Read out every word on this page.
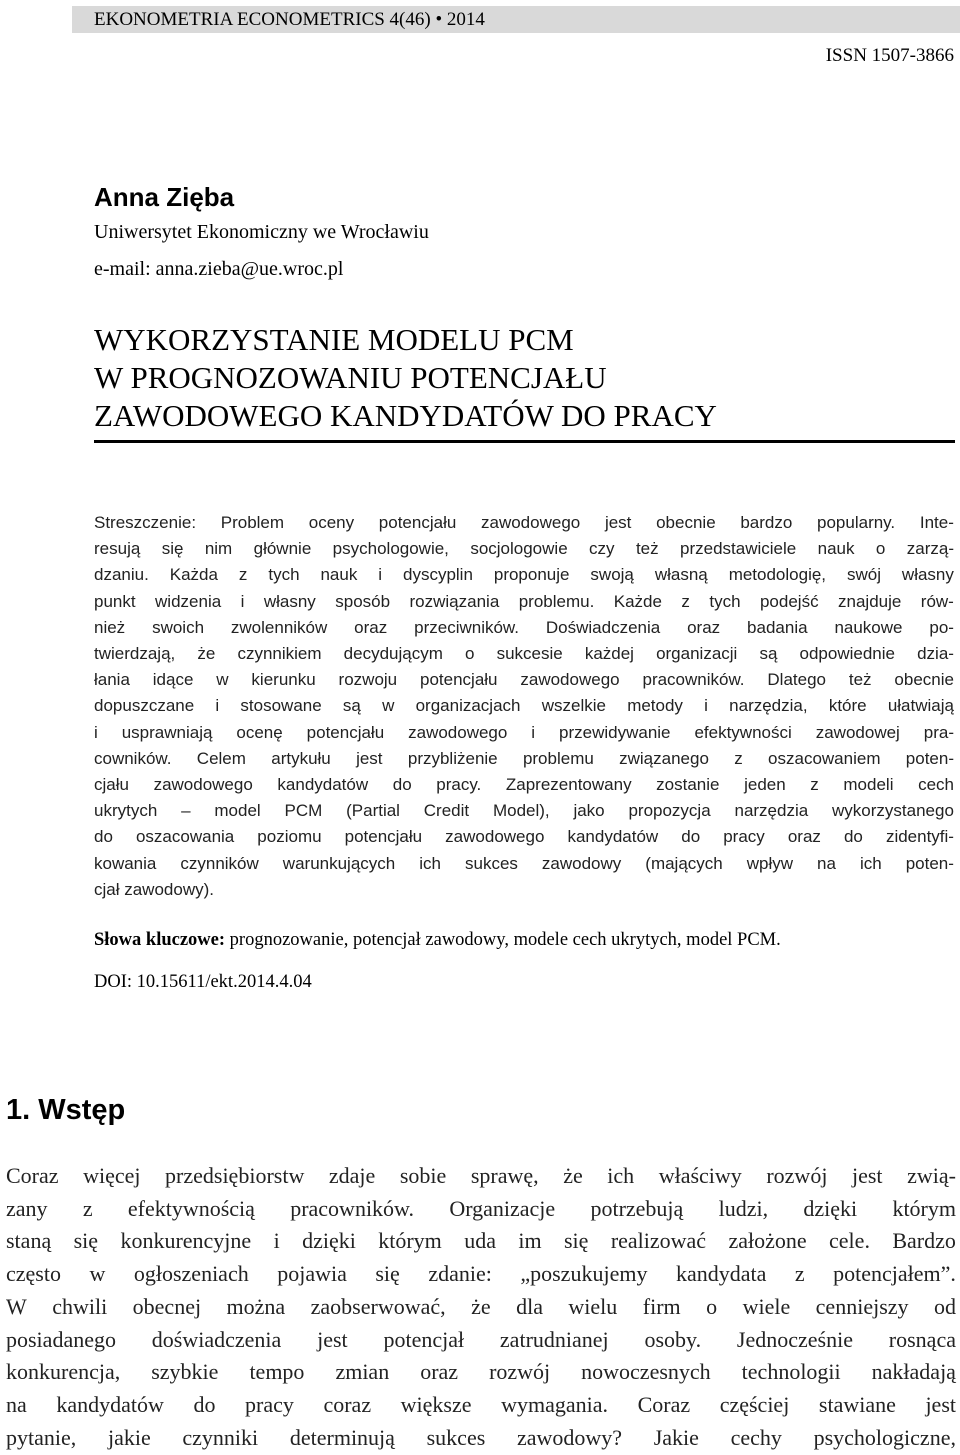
EKONOMETRIA ECONOMETRICS 4(46) • 2014
ISSN 1507-3866
Anna Zięba
Uniwersytet Ekonomiczny we Wrocławiu
e-mail: anna.zieba@ue.wroc.pl
WYKORZYSTANIE MODELU PCM
W PROGNOZOWANIU POTENCJAŁU
ZAWODOWEGO KANDYDATÓW DO PRACY
Streszczenie: Problem oceny potencjału zawodowego jest obecnie bardzo popularny. Inte-
resują się nim głównie psychologowie, socjologowie czy też przedstawiciele nauk o zarzą-
dzaniu. Każda z tych nauk i dyscyplin proponuje swoją własną metodologię, swój własny
punkt widzenia i własny sposób rozwiązania problemu. Każde z tych podejść znajduje rów-
nież swoich zwolenników oraz przeciwników. Doświadczenia oraz badania naukowe po-
twierdzają, że czynnikiem decydującym o sukcesie każdej organizacji są odpowiednie dzia-
łania idące w kierunku rozwoju potencjału zawodowego pracowników. Dlatego też obecnie
dopuszczane i stosowane są w organizacjach wszelkie metody i narzędzia, które ułatwiają
i usprawniają ocenę potencjału zawodowego i przewidywanie efektywności zawodowej pra-
cowników. Celem artykułu jest przybliżenie problemu związanego z oszacowaniem poten-
cjału zawodowego kandydatów do pracy. Zaprezentowany zostanie jeden z modeli cech
ukrytych – model PCM (Partial Credit Model), jako propozycja narzędzia wykorzystanego
do oszacowania poziomu potencjału zawodowego kandydatów do pracy oraz do zidentyfi-
kowania czynników warunkujących ich sukces zawodowy (mających wpływ na ich poten-
cjał zawodowy).
Słowa kluczowe: prognozowanie, potencjał zawodowy, modele cech ukrytych, model PCM.
DOI: 10.15611/ekt.2014.4.04
1. Wstęp
Coraz więcej przedsiębiorstw zdaje sobie sprawę, że ich właściwy rozwój jest zwią-
zany z efektywnością pracowników. Organizacje potrzebują ludzi, dzięki którym
staną się konkurencyjne i dzięki którym uda im się realizować założone cele. Bardzo
często w ogłoszeniach pojawia się zdanie: „poszukujemy kandydata z potencjałem”.
W chwili obecnej można zaobserwować, że dla wielu firm o wiele cenniejszy od
posiadanego doświadczenia jest potencjał zatrudnianej osoby. Jednocześnie rosnąca
konkurencja, szybkie tempo zmian oraz rozwój nowoczesnych technologii nakładają
na kandydatów do pracy coraz większe wymagania. Coraz częściej stawiane jest
pytanie, jakie czynniki determinują sukces zawodowy? Jakie cechy psychologiczne,
